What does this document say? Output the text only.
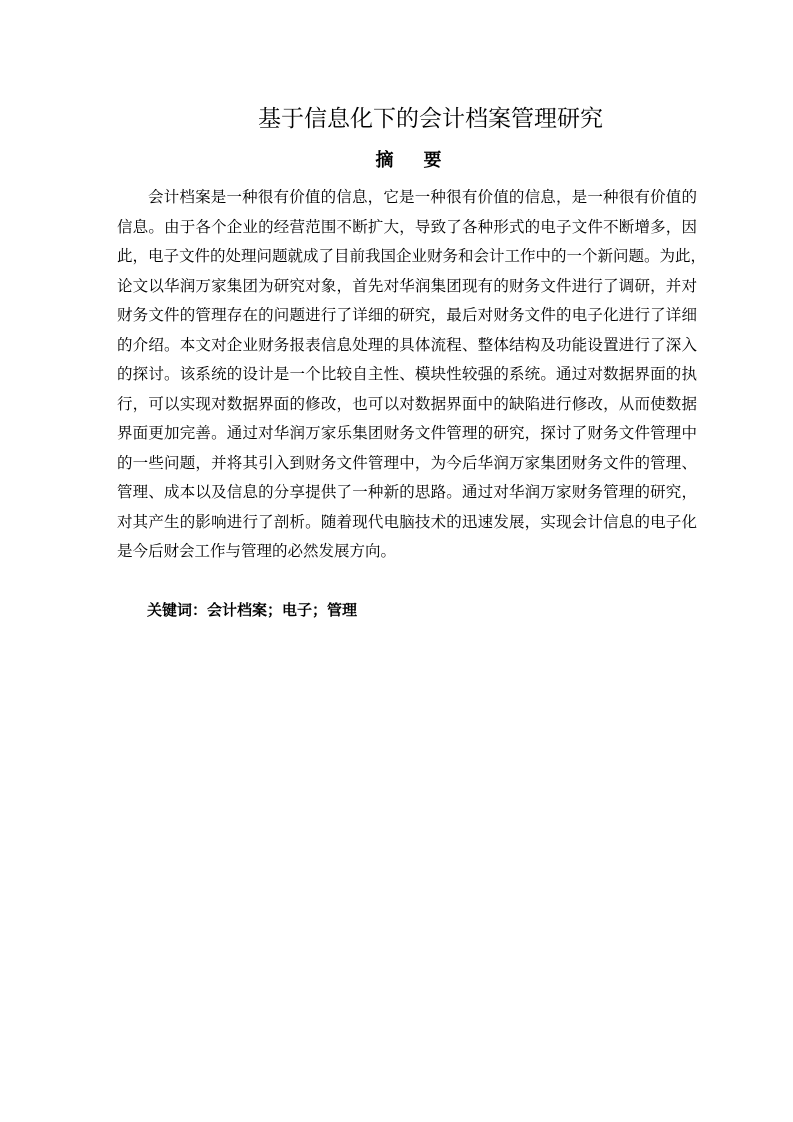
基于信息化下的会计档案管理研究
摘要
会计档案是一种很有价值的信息，它是一种很有价值的信息，是一种很有价值的
信息。由于各个企业的经营范围不断扩大，导致了各种形式的电子文件不断增多，因
此，电子文件的处理问题就成了目前我国企业财务和会计工作中的一个新问题。为此，
论文以华润万家集团为研究对象，首先对华润集团现有的财务文件进行了调研，并对
财务文件的管理存在的问题进行了详细的研究，最后对财务文件的电子化进行了详细
的介绍。本文对企业财务报表信息处理的具体流程、整体结构及功能设置进行了深入
的探讨。该系统的设计是一个比较自主性、模块性较强的系统。通过对数据界面的执
行，可以实现对数据界面的修改，也可以对数据界面中的缺陷进行修改，从而使数据
界面更加完善。通过对华润万家乐集团财务文件管理的研究，探讨了财务文件管理中
的一些问题，并将其引入到财务文件管理中，为今后华润万家集团财务文件的管理、
管理、成本以及信息的分享提供了一种新的思路。通过对华润万家财务管理的研究，
对其产生的影响进行了剖析。随着现代电脑技术的迅速发展，实现会计信息的电子化
是今后财会工作与管理的必然发展方向。

关键词：会计档案；电子；管理
